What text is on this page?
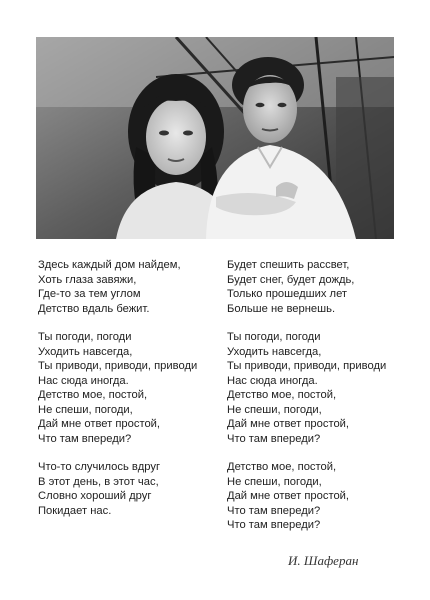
Здесь каждый дом найдем,
Хоть глаза завяжи,
Где-то за тем углом
Детство вдаль бежит.
Ты погоди, погоди
Уходить навсегда,
Ты приводи, приводи, приводи
Нас сюда иногда.
Детство мое, постой,
Не спеши, погоди,
Дай мне ответ простой,
Что там впереди?
Что-то случилось вдруг
В этот день, в этот час,
Словно хороший друг
Покидает нас.
Будет спешить рассвет,
Будет снег, будет дождь,
Только прошедших лет
Больше не вернешь.
Ты погоди, погоди
Уходить навсегда,
Ты приводи, приводи, приводи
Нас сюда иногда.
Детство мое, постой,
Не спеши, погоди,
Дай мне ответ простой,
Что там впереди?
Детство мое, постой,
Не спеши, погоди,
Дай мне ответ простой,
Что там впереди?
Что там впереди?
И. Шаферан
